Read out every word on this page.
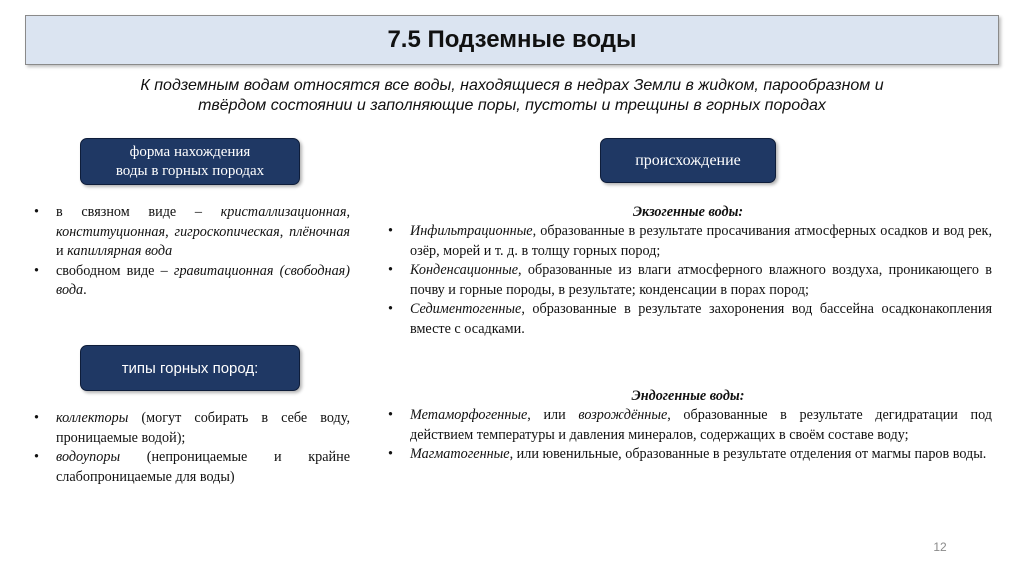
7.5 Подземные воды
К подземным водам относятся все воды, находящиеся в недрах Земли в жидком, парообразном и
твёрдом состоянии и заполняющие поры, пустоты и трещины в горных породах
форма нахождения
воды в горных породах
• в связном виде – кристаллизационная, конституционная, гигроскопическая, плёночная и капиллярная вода
• свободном виде – гравитационная (свободная) вода.
типы горных пород:
• коллекторы (могут собирать в себе воду, проницаемые водой);
• водоупоры (непроницаемые и крайне слабопроницаемые для воды)
происхождение
Экзогенные воды:
• Инфильтрационные, образованные в результате просачивания атмосферных осадков и вод рек, озёр, морей и т. д. в толщу горных пород;
• Конденсационные, образованные из влаги атмосферного влажного воздуха, проникающего в почву и горные породы, в результате; конденсации в порах пород;
• Седиментогенные, образованные в результате захоронения вод бассейна осадконакопления вместе с осадками.
Эндогенные воды:
• Метаморфогенные, или возрождённые, образованные в результате дегидратации под действием температуры и давления минералов, содержащих в своём составе воду;
• Магматогенные, или ювенильные, образованные в результате отделения от магмы паров воды.
12
